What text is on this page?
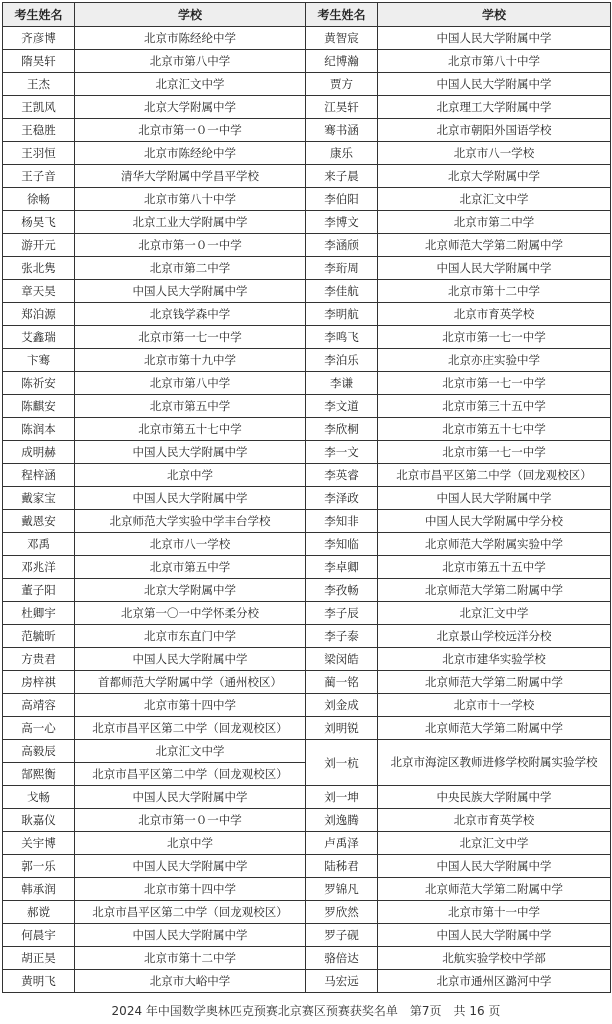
考生姓名	学校	考生姓名	学校
齐彦博	北京市陈经纶中学	黄智宸	中国人民大学附属中学
隋昊轩	北京市第八中学	纪博瀚	北京市第八十中学
王杰	北京汇文中学	贾方	中国人民大学附属中学
王凯风	北京大学附属中学	江昊轩	北京理工大学附属中学
王稳胜	北京市第一０一中学	骞书涵	北京市朝阳外国语学校
王羽恒	北京市陈经纶中学	康乐	北京市八一学校
王子音	清华大学附属中学昌平学校	来子晨	北京大学附属中学
徐畅	北京市第八十中学	李伯阳	北京汇文中学
杨昊飞	北京工业大学附属中学	李博文	北京市第二中学
游开元	北京市第一０一中学	李涵颀	北京师范大学第二附属中学
张北隽	北京市第二中学	李珩周	中国人民大学附属中学
章天昊	中国人民大学附属中学	李佳航	北京市第十二中学
郑泊源	北京钱学森中学	李明航	北京市育英学校
艾鑫瑞	北京市第一七一中学	李鸣飞	北京市第一七一中学
卞骞	北京市第十九中学	李泊乐	北京亦庄实验中学
陈祈安	北京市第八中学	李谦	北京市第一七一中学
陈麒安	北京市第五中学	李文道	北京市第三十五中学
陈润本	北京市第五十七中学	李欣桐	北京市第五十七中学
成明赫	中国人民大学附属中学	李一文	北京市第一七一中学
程梓涵	北京中学	李英睿	北京市昌平区第二中学（回龙观校区）
戴家宝	中国人民大学附属中学	李泽政	中国人民大学附属中学
戴恩安	北京师范大学实验中学丰台学校	李知非	中国人民大学附属中学分校
邓禹	北京市八一学校	李知临	北京师范大学附属实验中学
邓兆洋	北京市第五中学	李卓卿	北京市第五十五中学
董子阳	北京大学附属中学	李孜畅	北京师范大学第二附属中学
杜卿宇	北京第一〇一中学怀柔分校	李子辰	北京汇文中学
范毓昕	北京市东直门中学	李子泰	北京景山学校远洋分校
方贵君	中国人民大学附属中学	梁闵皓	北京市建华实验学校
房梓祺	首都师范大学附属中学（通州校区）	蔺一铭	北京师范大学第二附属中学
高靖容	北京市第十四中学	刘金成	北京市十一学校
高一心	北京市昌平区第二中学（回龙观校区）	刘明锐	北京师范大学第二附属中学
高毅辰	北京汇文中学	刘一杭	北京市海淀区教师进修学校附属实验学校
郜熙衡	北京市昌平区第二中学（回龙观校区）		
戈畅	中国人民大学附属中学	刘一坤	中央民族大学附属中学
耿嘉仪	北京市第一０一中学	刘逸腾	北京市育英学校
关宇博	北京中学	卢禹泽	北京汇文中学
郭一乐	中国人民大学附属中学	陆秭君	中国人民大学附属中学
韩承润	北京市第十四中学	罗锦凡	北京师范大学第二附属中学
郝谠	北京市昌平区第二中学（回龙观校区）	罗欣然	北京市第十一中学
何晨宇	中国人民大学附属中学	罗子砚	中国人民大学附属中学
胡正昊	北京市第十二中学	骆倍达	北航实验学校中学部
黄明飞	北京市大峪中学	马宏远	北京市通州区潞河中学
2024 年中国数学奥林匹克预赛北京赛区预赛获奖名单　第7页　共 16 页
